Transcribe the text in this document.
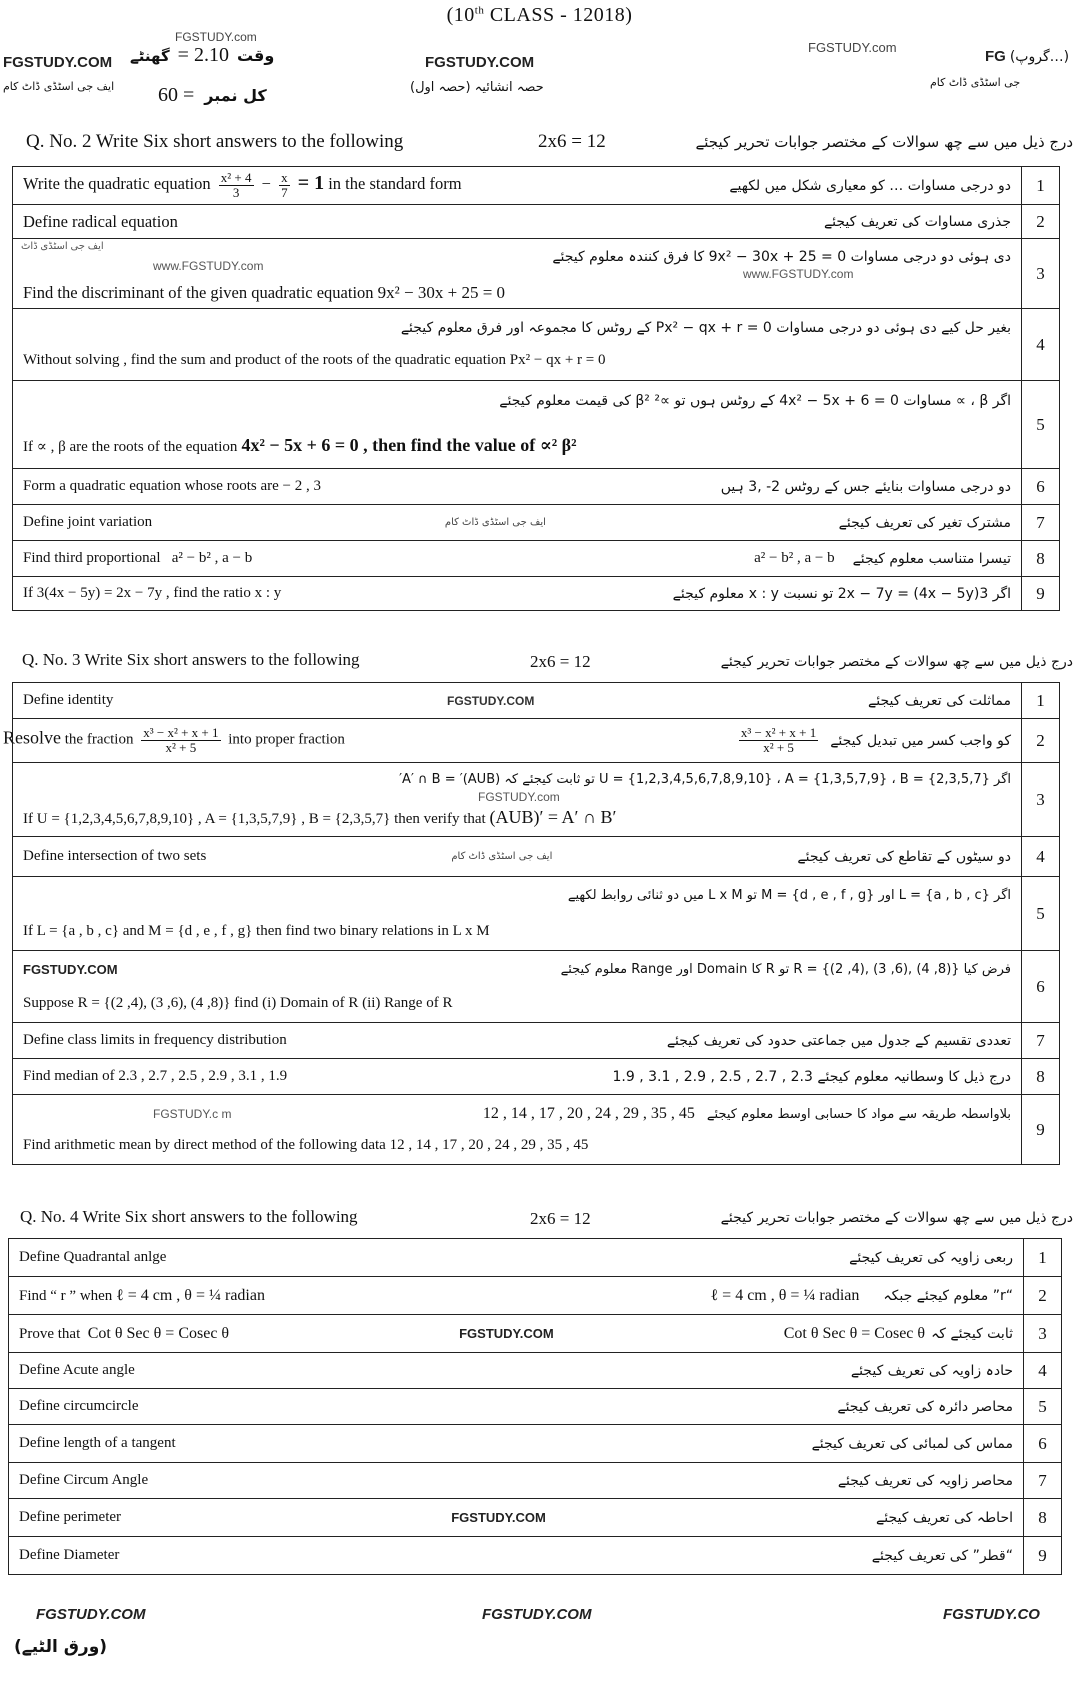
(10th CLASS - 12018)
FGSTUDY.com
FGSTUDY.COM
ایف جی اسٹڈی ڈاٹ کام
گھنٹے = 2.10 وقت
60 = کل نمبر
FGSTUDY.COM
حصہ انشائیہ (حصہ اول)
FGSTUDY.com
FG (…گروپ)
جی اسٹڈی ڈاٹ کام
Q. No. 2 Write Six short answers to the following	2x6 = 12	درج ذیل میں سے چھ سوالات کے مختصر جوابات تحریر کیجئے
Write the quadratic equation $\frac{\text{x² + 4}}{3} - \frac{x}{7} = 1$ in the standard form	دو درجی مساوات … کو معیاری شکل میں لکھیے	1

Define radical equation جذری مساوات کی تعریف کیجئے	2

ایف جی اسٹڈی ڈاٹ
www.FGSTUDY.com
www.FGSTUDY.com
دی ہوئی دو درجی مساوات 9x² − 30x + 25 = 0 کا فرق کنندہ معلوم کیجئے
Find the discriminant of the given quadratic equation 9x² − 30x + 25 = 0	3

بغیر حل کیے دی ہوئی دو درجی مساوات Px² − qx + r = 0 کے روٹس کا مجموعہ اور فرق معلوم کیجئے
Without solving , find the sum and product of the roots of the quadratic equation Px² − qx + r = 0	4

اگر β ، ∝ مساوات 4x² − 5x + 6 = 0 کے روٹس ہوں تو ∝² β² کی قیمت معلوم کیجئے
If ∝ , β are the roots of the equation 4x² − 5x + 6 = 0 , then find the value of ∝² β²	5

Form a quadratic equation whose roots are − 2 , 3 دو درجی مساوات بنایئے جس کے روٹس 2- ,3 ہیں	6

Define joint variation ایف جی اسٹڈی ڈاٹ کام مشترک تغیر کی تعریف کیجئے	7

Find third proportional a² − b² , a − b a² − b² , a − b تیسرا متناسب معلوم کیجئے	8

If 3(4x − 5y) = 2x − 7y , find the ratio x : y اگر 3(4x − 5y) = 2x − 7y تو نسبت x : y معلوم کیجئے	9
Q. No. 3 Write Six short answers to the following	2x6 = 12	درج ذیل میں سے چھ سوالات کے مختصر جوابات تحریر کیجئے
Define identity FGSTUDY.COM مماثلت کی تعریف کیجئے	1

Resolve the fraction $\frac{\text{x³ − x² + x + 1}}{\text{x² + 5}}$ into proper fraction	$\frac{\text{x³ − x² + x + 1}}{\text{x² + 5}}$ کو واجب کسر میں تبدیل کیجئے	2

FGSTUDY.com
اگر U = {1,2,3,4,5,6,7,8,9,10} ، A = {1,3,5,7,9} ، B = {2,3,5,7} تو ثابت کیجئے کہ (AUB)′ = A′ ∩ B′
If U = {1,2,3,4,5,6,7,8,9,10} , A = {1,3,5,7,9} , B = {2,3,5,7} then verify that (AUB)′ = A′ ∩ B′	3

Define intersection of two sets ایف جی اسٹڈی ڈاٹ کام دو سیٹوں کے تقاطع کی تعریف کیجئے	4

اگر L = {a , b , c} اور M = {d , e , f , g} تو L x M میں دو ثنائی روابط لکھیے
If L = {a , b , c} and M = {d , e , f , g} then find two binary relations in L x M	5

FGSTUDY.COM فرض کیا R = {(2 ,4), (3 ,6), (4 ,8)} تو R کا Domain اور Range معلوم کیجئے
Suppose R = {(2 ,4), (3 ,6), (4 ,8)} find (i) Domain of R (ii) Range of R	6

Define class limits in frequency distribution تعددی تقسیم کے جدول میں جماعتی حدود کی تعریف کیجئے	7

Find median of 2.3 , 2.7 , 2.5 , 2.9 , 3.1 , 1.9 درج ذیل کا وسطانیہ معلوم کیجئے 2.3 , 2.7 , 2.5 , 2.9 , 3.1 , 1.9	8

FGSTUDY.c m 12 , 14 , 17 , 20 , 24 , 29 , 35 , 45 بلاواسطہ طریقہ سے مواد کا حسابی اوسط معلوم کیجئے
Find arithmetic mean by direct method of the following data 12 , 14 , 17 , 20 , 24 , 29 , 35 , 45	9
Q. No. 4 Write Six short answers to the following	2x6 = 12	درج ذیل میں سے چھ سوالات کے مختصر جوابات تحریر کیجئے
Define Quadrantal anlge ربعی زاویہ کی تعریف کیجئے	1

Find “ r ” when ℓ = 4 cm , θ = ¼ radian ℓ = 4 cm , θ = ¼ radian “r” معلوم کیجئے جبکہ	2

Prove that Cot θ Sec θ = Cosec θ FGSTUDY.COM Cot θ Sec θ = Cosec θ ثابت کیجئے کہ	3

Define Acute angle حادہ زاویہ کی تعریف کیجئے	4

Define circumcircle محاصر دائرہ کی تعریف کیجئے	5

Define length of a tangent مماس کی لمبائی کی تعریف کیجئے	6

Define Circum Angle محاصر زاویہ کی تعریف کیجئے	7

Define perimeter FGSTUDY.COM احاطہ کی تعریف کیجئے	8

Define Diameter “قطر” کی تعریف کیجئے	9
FGSTUDY.COM	FGSTUDY.COM	FGSTUDY.CO
(ورق الٹیے)
